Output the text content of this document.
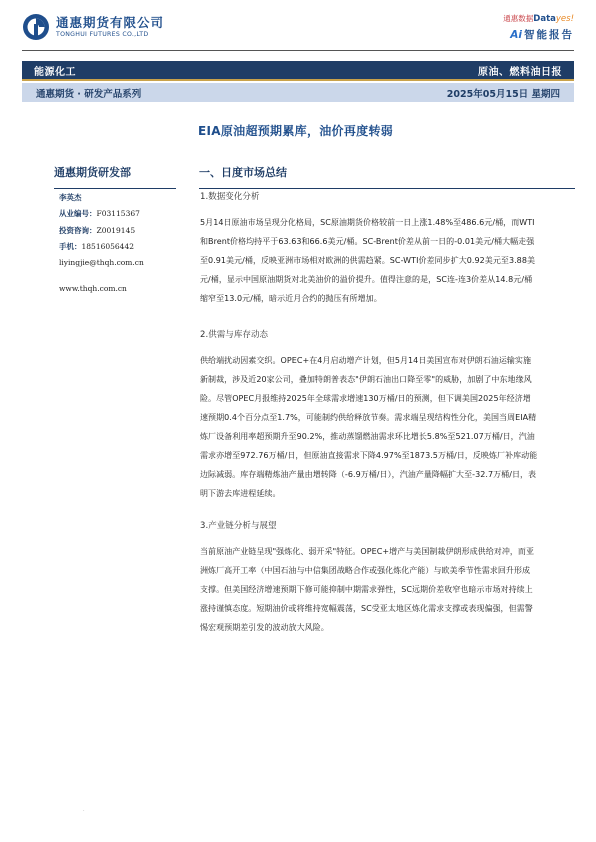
通惠期货有限公司
TONGHUI FUTURES CO.,LTD
通惠数据Datayes!
Ai 智能报告
能源化工	原油、燃料油日报
通惠期货 · 研发产品系列	2025年05月15日 星期四
EIA原油超预期累库，油价再度转弱
通惠期货研发部
李英杰
从业编号：F03115367
投资咨询：Z0019145
手机：18516056442
liyingjie@thqh.com.cn
www.thqh.com.cn
一、日度市场总结
1.数据变化分析
5月14日原油市场呈现分化格局，SC原油期货价格较前一日上涨1.48%至486.6元/桶，而WTI和Brent价格均持平于63.63和66.6美元/桶。SC-Brent价差从前一日的-0.01美元/桶大幅走强至0.91美元/桶，反映亚洲市场相对欧洲的供需趋紧。SC-WTI价差同步扩大0.92美元至3.88美元/桶，显示中国原油期货对北美油价的溢价提升。值得注意的是，SC连-连3价差从14.8元/桶缩窄至13.0元/桶，暗示近月合约的抛压有所增加。
2.供需与库存动态
供给端扰动因素交织。OPEC+在4月启动增产计划，但5月14日美国宣布对伊朗石油运输实施新制裁，涉及近20家公司，叠加特朗普表态"伊朗石油出口降至零"的威胁，加剧了中东地缘风险。尽管OPEC月报维持2025年全球需求增速130万桶/日的预测，但下调美国2025年经济增速预期0.4个百分点至1.7%，可能制约供给释放节奏。需求端呈现结构性分化，美国当周EIA精炼厂设备利用率超预期升至90.2%，推动蒸馏燃油需求环比增长5.8%至521.07万桶/日，汽油需求亦增至972.76万桶/日，但原油直接需求下降4.97%至1873.5万桶/日，反映炼厂补库动能边际减弱。库存端精炼油产量由增转降（-6.9万桶/日），汽油产量降幅扩大至-32.7万桶/日，表明下游去库进程延续。
3.产业链分析与展望
当前原油产业链呈现"强炼化、弱开采"特征。OPEC+增产与美国制裁伊朗形成供给对冲，而亚洲炼厂高开工率（中国石油与中信集团战略合作或强化炼化产能）与欧美季节性需求回升形成支撑。但美国经济增速预期下修可能抑制中期需求弹性，SC远期价差收窄也暗示市场对持续上涨持谨慎态度。短期油价或将维持宽幅震荡，SC受亚太地区炼化需求支撑或表现偏强，但需警惕宏观预期差引发的波动放大风险。
·
